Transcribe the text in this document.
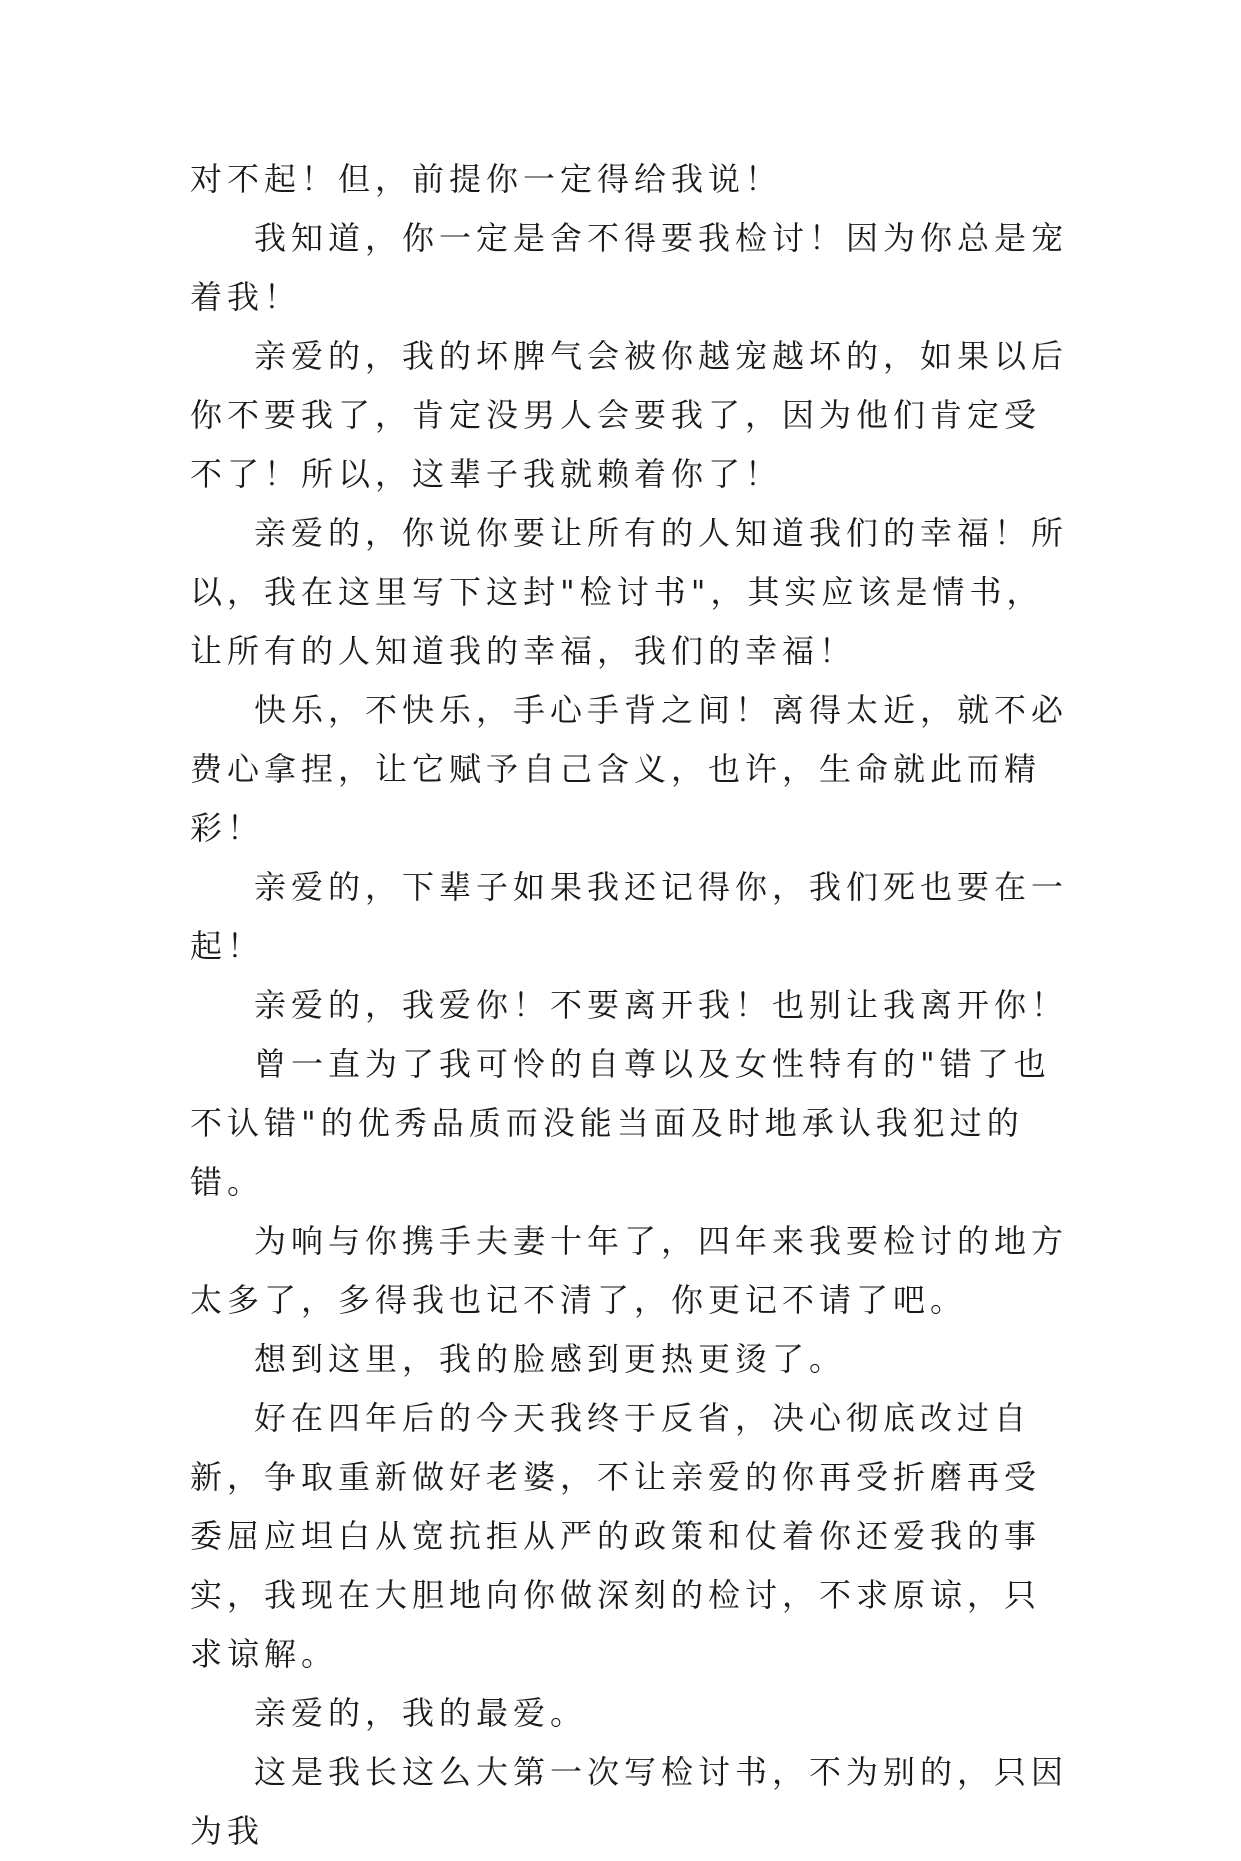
对不起！但，前提你一定得给我说！

我知道，你一定是舍不得要我检讨！因为你总是宠着我！

亲爱的，我的坏脾气会被你越宠越坏的，如果以后你不要我了，肯定没男人会要我了，因为他们肯定受不了！所以，这辈子我就赖着你了！

亲爱的，你说你要让所有的人知道我们的幸福！所以，我在这里写下这封"检讨书"，其实应该是情书，让所有的人知道我的幸福，我们的幸福！

快乐，不快乐，手心手背之间！离得太近，就不必费心拿捏，让它赋予自己含义，也许，生命就此而精彩！

亲爱的，下辈子如果我还记得你，我们死也要在一起！

亲爱的，我爱你！不要离开我！也别让我离开你！

曾一直为了我可怜的自尊以及女性特有的"错了也不认错"的优秀品质而没能当面及时地承认我犯过的错。

为响与你携手夫妻十年了，四年来我要检讨的地方太多了，多得我也记不清了，你更记不请了吧。

想到这里，我的脸感到更热更烫了。

好在四年后的今天我终于反省，决心彻底改过自新，争取重新做好老婆，不让亲爱的你再受折磨再受委屈应坦白从宽抗拒从严的政策和仗着你还爱我的事实，我现在大胆地向你做深刻的检讨，不求原谅，只求谅解。

亲爱的，我的最爱。

这是我长这么大第一次写检讨书，不为别的，只因为我
